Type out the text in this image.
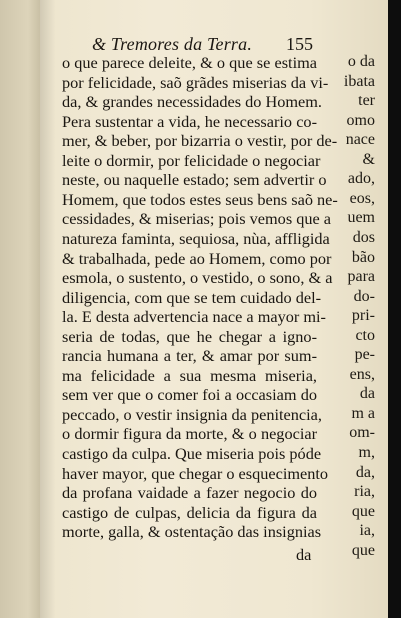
o da
ibata
ter
omo
nace
&
ado,
eos,
uem
dos
bão
para
do-
pri-
cto
pe-
ens,
da
m a
om-
m,
da,
ria,
que
ia,
que
& Tremores da Terra. 155
o que parece deleite, & o que se estima
por felicidade, saõ grãdes miserias da vi-
da, & grandes necessidades do Homem.
Pera sustentar a vida, he necessario co-
mer, & beber, por bizarria o vestir, por de-
leite o dormir, por felicidade o negociar
neste, ou naquelle estado; sem advertir o
Homem, que todos estes seus bens saõ ne-
cessidades, & miserias; pois vemos que a
natureza faminta, sequiosa, nùa, affligida
& trabalhada, pede ao Homem, como por
esmola, o sustento, o vestido, o sono, & a
diligencia, com que se tem cuidado del-
la. E desta advertencia nace a mayor mi-
seria de todas, que he chegar a igno-
rancia humana a ter, & amar por sum-
ma felicidade a sua mesma miseria,
sem ver que o comer foi a occasiam do
peccado, o vestir insignia da penitencia,
o dormir figura da morte, & o negociar
castigo da culpa. Que miseria pois póde
haver mayor, que chegar o esquecimento
da profana vaidade a fazer negocio do
castigo de culpas, delicia da figura da
morte, galla, & ostentação das insignias
da
